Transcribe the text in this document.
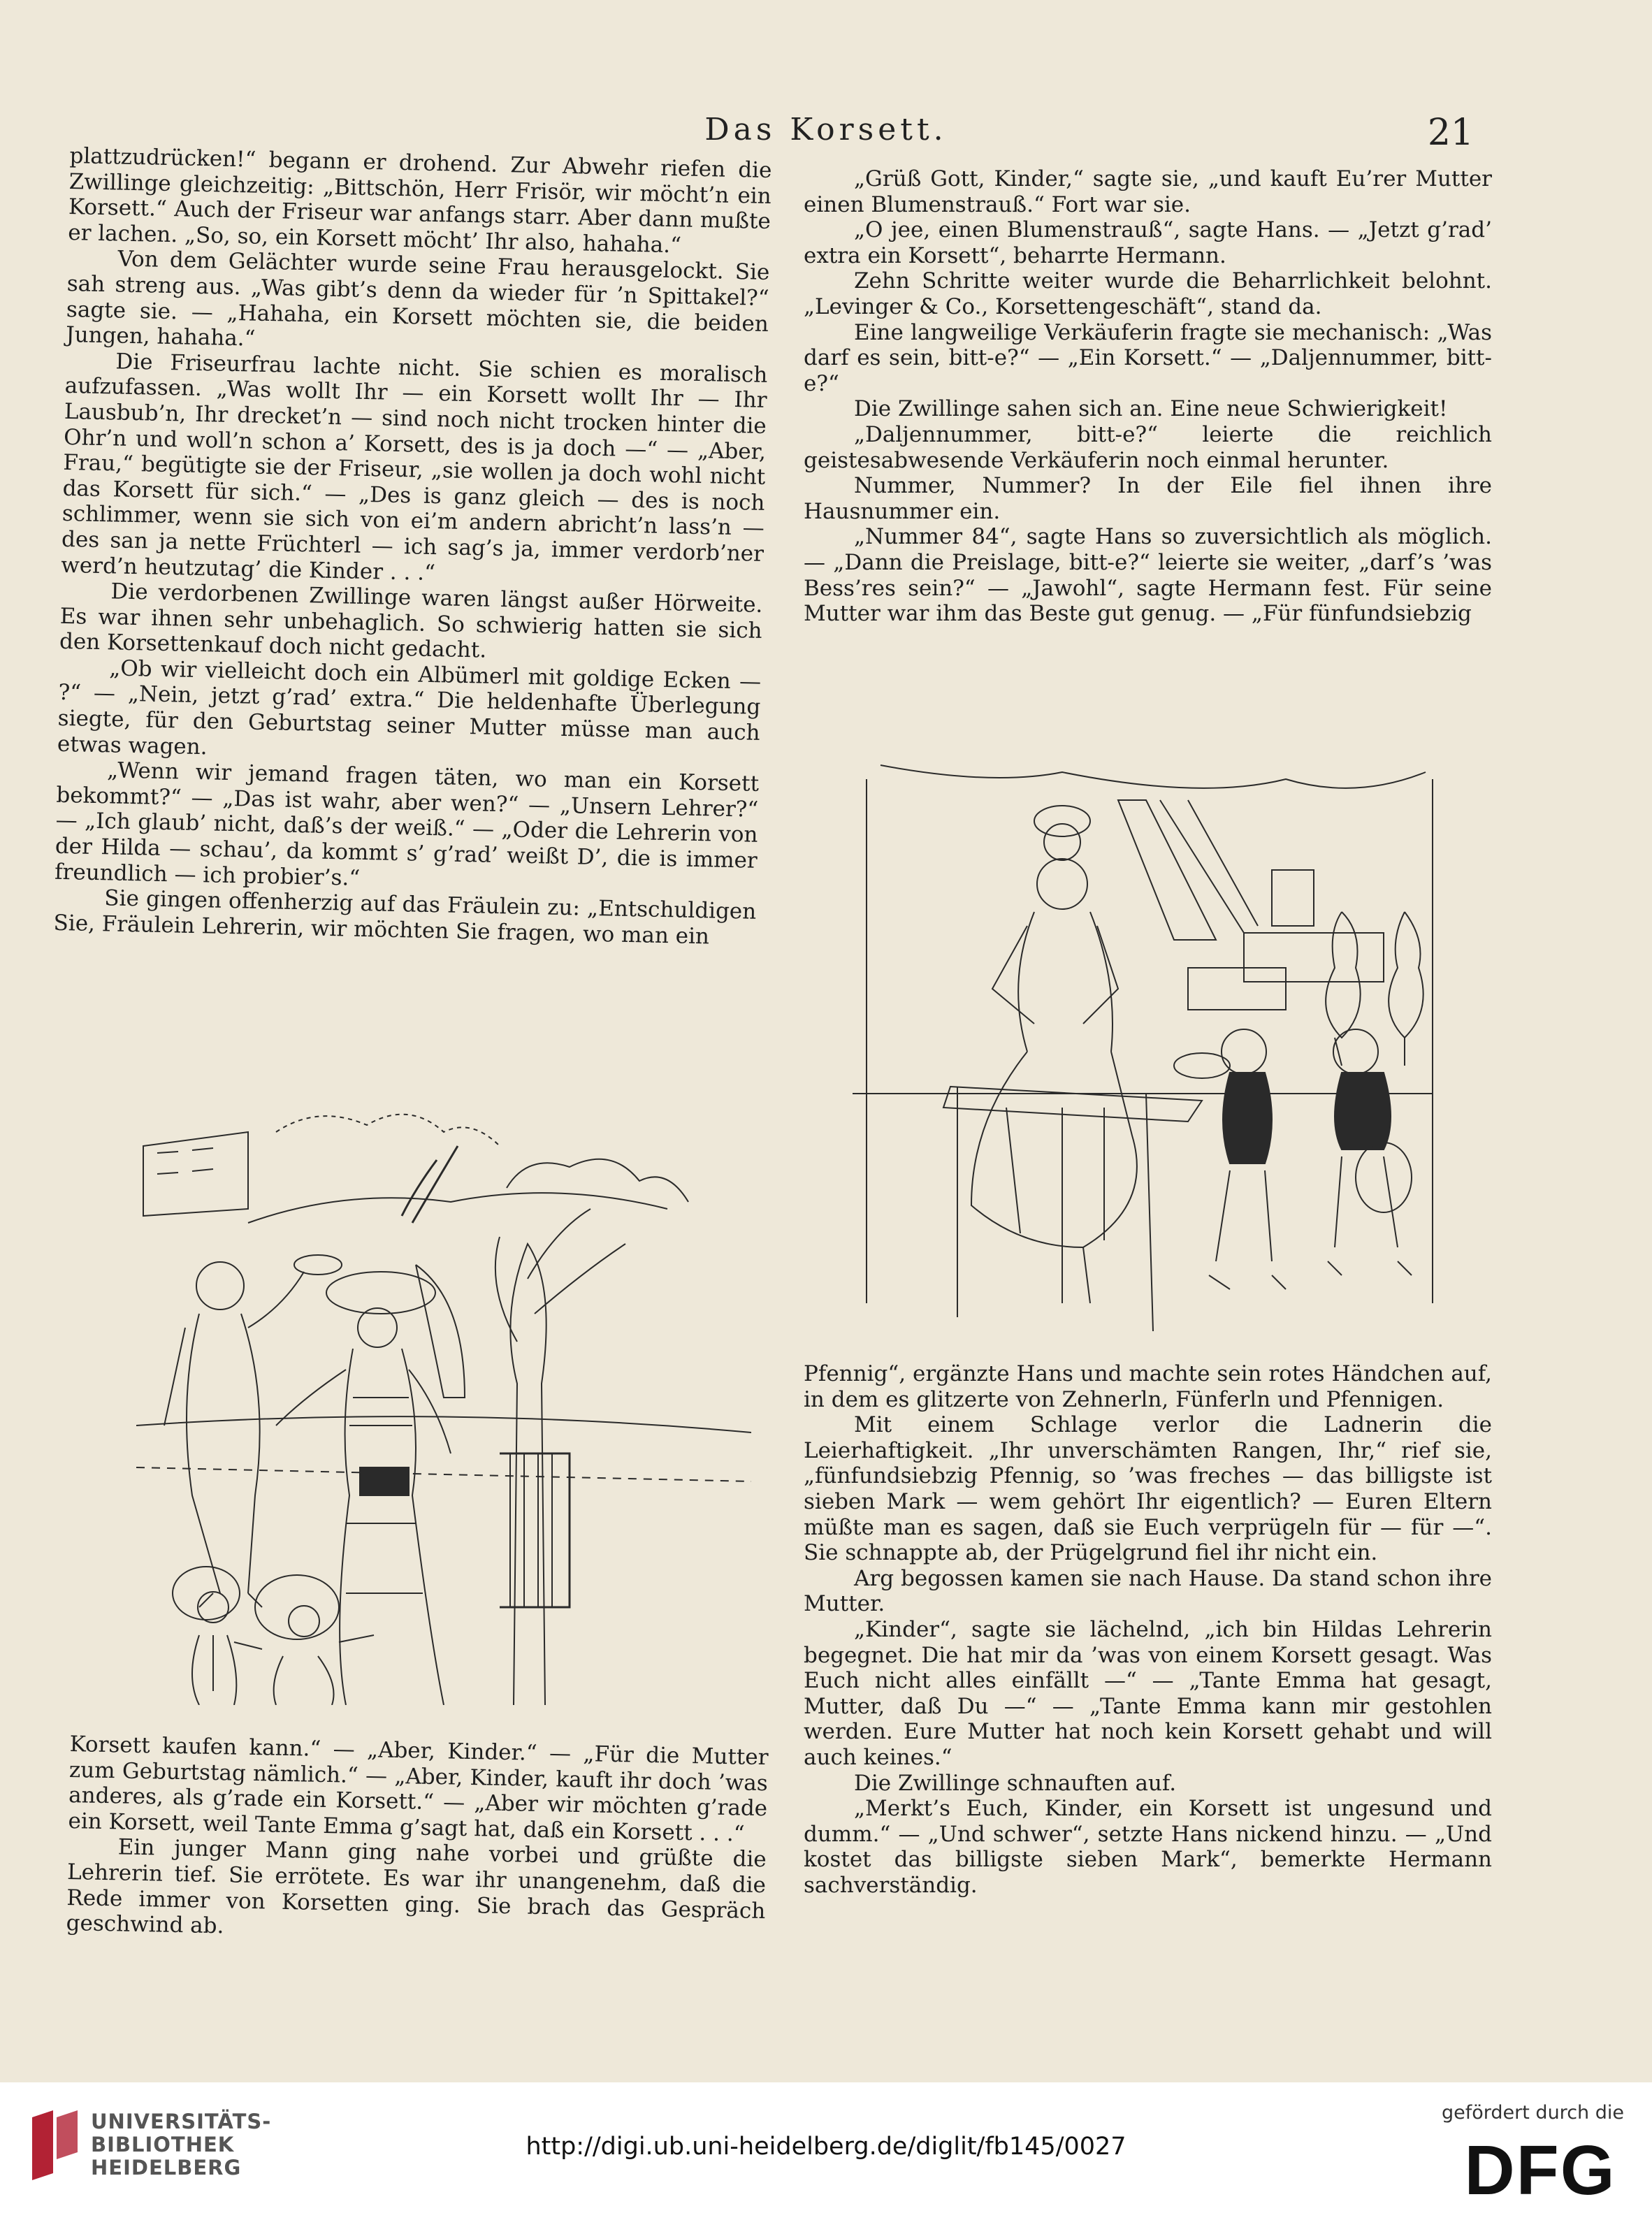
Das Korsett.	21

plattzudrücken!“ begann er drohend. Zur Abwehr riefen die Zwillinge gleichzeitig: „Bittschön, Herr Frisör, wir möcht’n ein Korsett.“ Auch der Friseur war anfangs starr. Aber dann mußte er lachen. „So, so, ein Korsett möcht’ Ihr also, hahaha.“

Von dem Gelächter wurde seine Frau herausgelockt. Sie sah streng aus. „Was gibt’s denn da wieder für ’n Spittakel?“ sagte sie. — „Hahaha, ein Korsett möchten sie, die beiden Jungen, hahaha.“

Die Friseurfrau lachte nicht. Sie schien es moralisch aufzufassen. „Was wollt Ihr — ein Korsett wollt Ihr — Ihr Lausbub’n, Ihr drecket’n — sind noch nicht trocken hinter die Ohr’n und woll’n schon a’ Korsett, des is ja doch —“ — „Aber, Frau,“ begütigte sie der Friseur, „sie wollen ja doch wohl nicht das Korsett für sich.“ — „Des is ganz gleich — des is noch schlimmer, wenn sie sich von ei’m andern abricht’n lass’n — des san ja nette Früchterl — ich sag’s ja, immer verdorb’ner werd’n heutzutag’ die Kinder . . .“

Die verdorbenen Zwillinge waren längst außer Hörweite. Es war ihnen sehr unbehaglich. So schwierig hatten sie sich den Korsettenkauf doch nicht gedacht.

„Ob wir vielleicht doch ein Albümerl mit goldige Ecken — ?“ — „Nein, jetzt g’rad’ extra.“ Die heldenhafte Überlegung siegte, für den Geburtstag seiner Mutter müsse man auch etwas wagen.

„Wenn wir jemand fragen täten, wo man ein Korsett bekommt?“ — „Das ist wahr, aber wen?“ — „Unsern Lehrer?“ — „Ich glaub’ nicht, daß’s der weiß.“ — „Oder die Lehrerin von der Hilda — schau’, da kommt s’ g’rad’ weißt D’, die is immer freundlich — ich probier’s.“

Sie gingen offenherzig auf das Fräulein zu: „Entschuldigen Sie, Fräulein Lehrerin, wir möchten Sie fragen, wo man ein

Korsett kaufen kann.“ — „Aber, Kinder.“ — „Für die Mutter zum Geburtstag nämlich.“ — „Aber, Kinder, kauft ihr doch ’was anderes, als g’rade ein Korsett.“ — „Aber wir möchten g’rade ein Korsett, weil Tante Emma g’sagt hat, daß ein Korsett . . .“

Ein junger Mann ging nahe vorbei und grüßte die Lehrerin tief. Sie errötete. Es war ihr unangenehm, daß die Rede immer von Korsetten ging. Sie brach das Gespräch geschwind ab.

„Grüß Gott, Kinder,“ sagte sie, „und kauft Eu’rer Mutter einen Blumenstrauß.“ Fort war sie.

„O jee, einen Blumenstrauß“, sagte Hans. — „Jetzt g’rad’ extra ein Korsett“, beharrte Hermann.

Zehn Schritte weiter wurde die Beharrlichkeit belohnt. „Levinger & Co., Korsettengeschäft“, stand da.

Eine langweilige Verkäuferin fragte sie mechanisch: „Was darf es sein, bitt-e?“ — „Ein Korsett.“ — „Daljennummer, bitt-e?“

Die Zwillinge sahen sich an. Eine neue Schwierigkeit!

„Daljennummer, bitt-e?“ leierte die reichlich geistesabwesende Verkäuferin noch einmal herunter.

Nummer, Nummer? In der Eile fiel ihnen ihre Hausnummer ein.

„Nummer 84“, sagte Hans so zuversichtlich als möglich. — „Dann die Preislage, bitt-e?“ leierte sie weiter, „darf’s ’was Bess’res sein?“ — „Jawohl“, sagte Hermann fest. Für seine Mutter war ihm das Beste gut genug. — „Für fünfundsiebzig

Pfennig“, ergänzte Hans und machte sein rotes Händchen auf, in dem es glitzerte von Zehnerln, Fünferln und Pfennigen.

Mit einem Schlage verlor die Ladnerin die Leierhaftigkeit. „Ihr unverschämten Rangen, Ihr,“ rief sie, „fünfundsiebzig Pfennig, so ’was freches — das billigste ist sieben Mark — wem gehört Ihr eigentlich? — Euren Eltern müßte man es sagen, daß sie Euch verprügeln für — für —“. Sie schnappte ab, der Prügelgrund fiel ihr nicht ein.

Arg begossen kamen sie nach Hause. Da stand schon ihre Mutter.

„Kinder“, sagte sie lächelnd, „ich bin Hildas Lehrerin begegnet. Die hat mir da ’was von einem Korsett gesagt. Was Euch nicht alles einfällt —“ — „Tante Emma hat gesagt, Mutter, daß Du —“ — „Tante Emma kann mir gestohlen werden. Eure Mutter hat noch kein Korsett gehabt und will auch keines.“

Die Zwillinge schnauften auf.

„Merkt’s Euch, Kinder, ein Korsett ist ungesund und dumm.“ — „Und schwer“, setzte Hans nickend hinzu. — „Und kostet das billigste sieben Mark“, bemerkte Hermann sachverständig.

UNIVERSITÄTS-
BIBLIOTHEK
HEIDELBERG
http://digi.ub.uni-heidelberg.de/diglit/fb145/0027
gefördert durch die
DFG
